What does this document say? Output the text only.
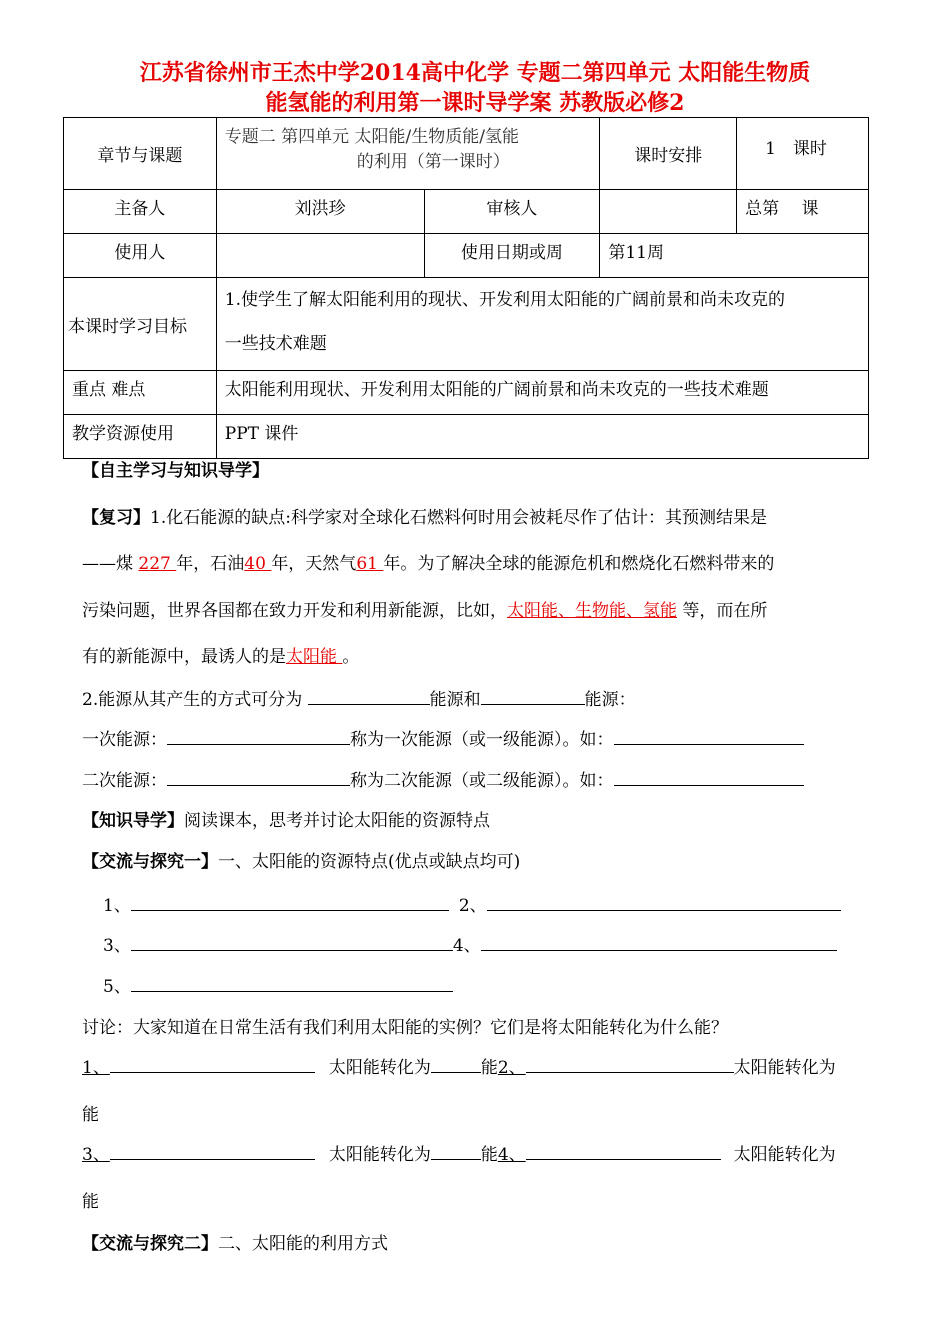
江苏省徐州市王杰中学2014高中化学 专题二第四单元 太阳能生物质
能氢能的利用第一课时导学案 苏教版必修2
章节与课题	专题二 第四单元 太阳能/生物质能/氢能
的利用（第一课时）		课时安排	1　课时
主备人	刘洪珍	审核人		总第　 课
使用人		使用日期或周	第11周	
本课时学习目标	1.使学生了解太阳能利用的现状、开发利用太阳能的广阔前景和尚未攻克的
一些技术难题			

重点 难点	太阳能利用现状、开发利用太阳能的广阔前景和尚未攻克的一些技术难题			
教学资源使用	PPT 课件			
【自主学习与知识导学】
【复习】1.化石能源的缺点:科学家对全球化石燃料何时用会被耗尽作了估计：其预测结果是
——煤 227 年，石油40 年，天然气61 年。为了解决全球的能源危机和燃烧化石燃料带来的
污染问题，世界各国都在致力开发和利用新能源，比如，太阳能、生物能、氢能 等，而在所
有的新能源中，最诱人的是太阳能 。
2.能源从其产生的方式可分为	能源和	能源：
一次能源：	称为一次能源（或一级能源）。如：
二次能源：	称为二次能源（或二级能源）。如：
【知识导学】阅读课本，思考并讨论太阳能的资源特点
【交流与探究一】一、太阳能的资源特点(优点或缺点均可)
1、	2、
3、	4、
5、
讨论：大家知道在日常生活有我们利用太阳能的实例？它们是将太阳能转化为什么能？
1、	太阳能转化为	能2、	太阳能转化为
能
3、	太阳能转化为	能4、	太阳能转化为
能
【交流与探究二】二、太阳能的利用方式
